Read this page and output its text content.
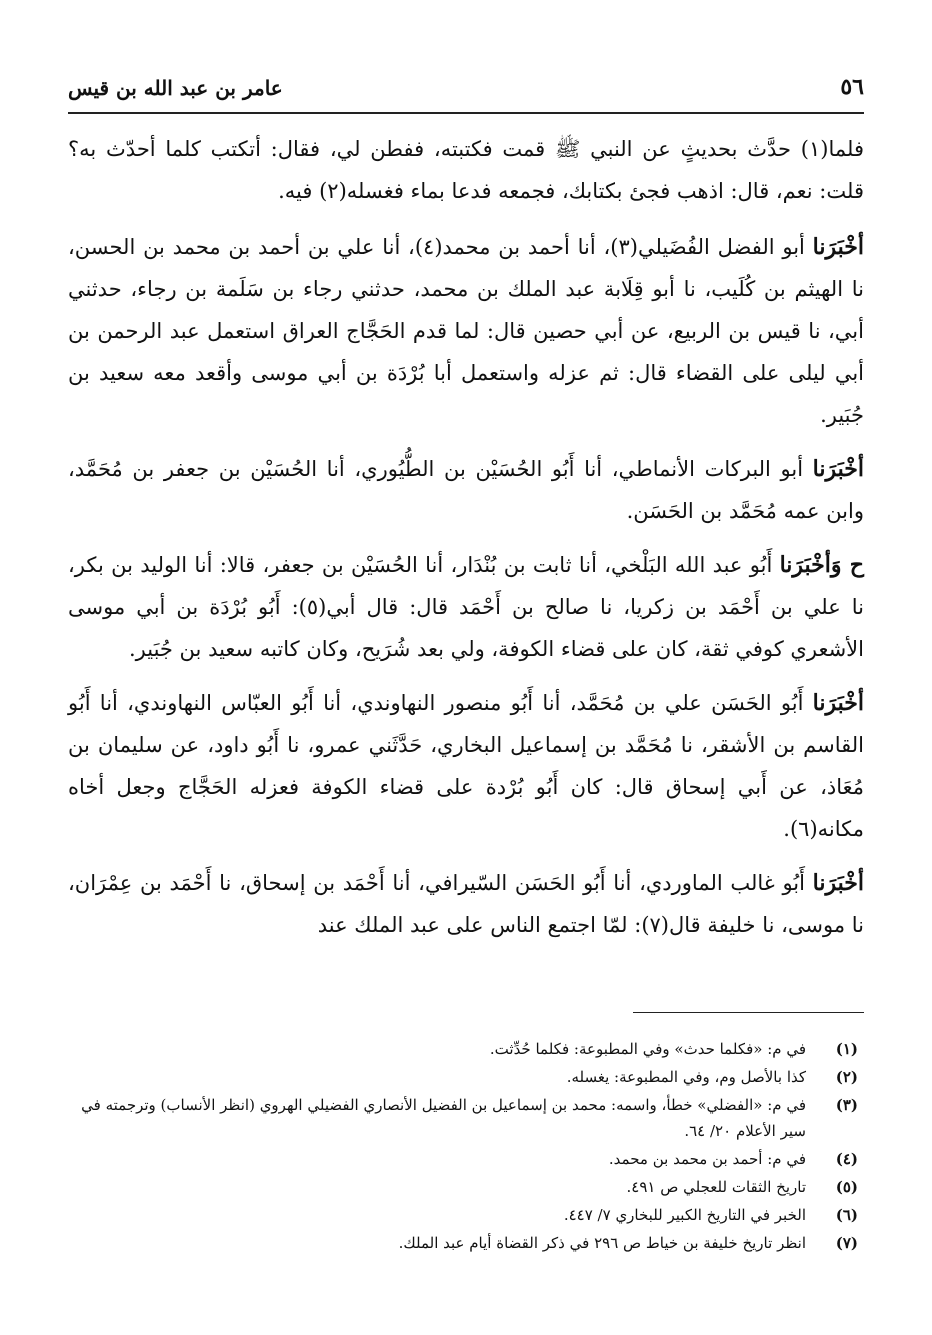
٥٦
عامر بن عبد الله بن قيس

فلما(١) حدَّث بحديثٍ عن النبي ﷺ قمت فكتبته، ففطن لي، فقال: أتكتب كلما أحدّث به؟ قلت: نعم، قال: اذهب فجئ بكتابك، فجمعه فدعا بماء فغسله(٢) فيه.

أخْبَرَنا أبو الفضل الفُضَيلي(٣)، أنا أحمد بن محمد(٤)، أنا علي بن أحمد بن محمد بن الحسن، نا الهيثم بن كُلَيب، نا أبو قِلَابة عبد الملك بن محمد، حدثني رجاء بن سَلَمة بن رجاء، حدثني أبي، نا قيس بن الربيع، عن أبي حصين قال: لما قدم الحَجَّاج العراق استعمل عبد الرحمن بن أبي ليلى على القضاء قال: ثم عزله واستعمل أبا بُرْدَة بن أبي موسى وأقعد معه سعيد بن جُبَير.

أخْبَرَنا أبو البركات الأنماطي، أنا أَبُو الحُسَيْن بن الطُّيُوري، أنا الحُسَيْن بن جعفر بن مُحَمَّد، وابن عمه مُحَمَّد بن الحَسَن.

ح وَأخْبَرَنا أَبُو عبد الله البَلْخي، أنا ثابت بن بُنْدَار، أنا الحُسَيْن بن جعفر، قالا: أنا الوليد بن بكر، نا علي بن أَحْمَد بن زكريا، نا صالح بن أَحْمَد قال: قال أبي(٥): أَبُو بُرْدَة بن أبي موسى الأشعري كوفي ثقة، كان على قضاء الكوفة، ولي بعد شُرَيح، وكان كاتبه سعيد بن جُبَير.

أخْبَرَنا أَبُو الحَسَن علي بن مُحَمَّد، أنا أَبُو منصور النهاوندي، أنا أَبُو العبّاس النهاوندي، أنا أَبُو القاسم بن الأشقر، نا مُحَمَّد بن إسماعيل البخاري، حَدَّثَني عمرو، نا أَبُو داود، عن سليمان بن مُعَاذ، عن أَبي إسحاق قال: كان أَبُو بُرْدة على قضاء الكوفة فعزله الحَجَّاج وجعل أخاه مكانه(٦).

أخْبَرَنا أَبُو غالب الماوردي، أنا أَبُو الحَسَن السّيرافي، أنا أَحْمَد بن إسحاق، نا أَحْمَد بن عِمْرَان، نا موسى، نا خليفة قال(٧): لمّا اجتمع الناس على عبد الملك عند

(١)
في م: «فكلما حدث» وفي المطبوعة: فكلما حُدِّثت.
(٢)
كذا بالأصل وم، وفي المطبوعة: يغسله.
(٣)
في م: «الفضلي» خطأ، واسمه: محمد بن إسماعيل بن الفضيل الأنصاري الفضيلي الهروي (انظر الأنساب) وترجمته في سير الأعلام ٢٠/ ٦٤.
(٤)
في م: أحمد بن محمد بن محمد.
(٥)
تاريخ الثقات للعجلي ص ٤٩١.
(٦)
الخبر في التاريخ الكبير للبخاري ٧/ ٤٤٧.
(٧)
انظر تاريخ خليفة بن خياط ص ٢٩٦ في ذكر القضاة أيام عبد الملك.
